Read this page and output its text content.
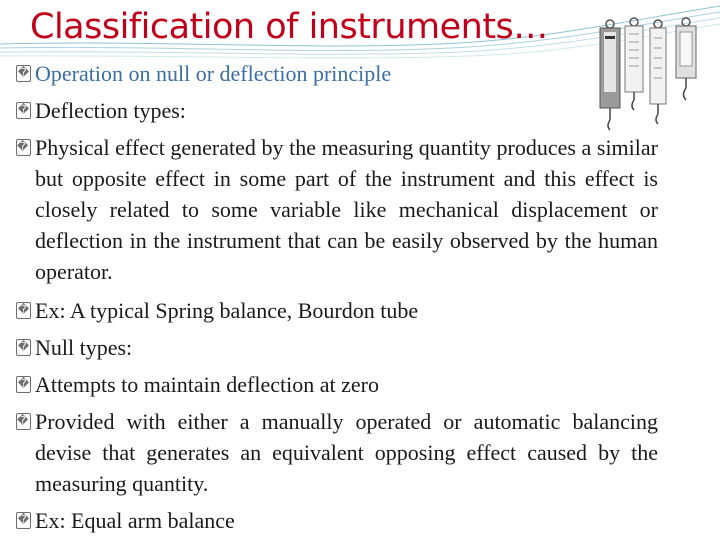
Classification of instruments…
� Operation on null or deflection principle
� Deflection types:
� Physical effect generated by the measuring quantity produces a similar but opposite effect in some part of the instrument and this effect is closely related to some variable like mechanical displacement or deflection in the instrument that can be easily observed by the human operator.
� Ex: A typical Spring balance, Bourdon tube
� Null types:
� Attempts to maintain deflection at zero
� Provided with either a manually operated or automatic balancing devise that generates an equivalent opposing effect caused by the measuring quantity.
� Ex: Equal arm balance
